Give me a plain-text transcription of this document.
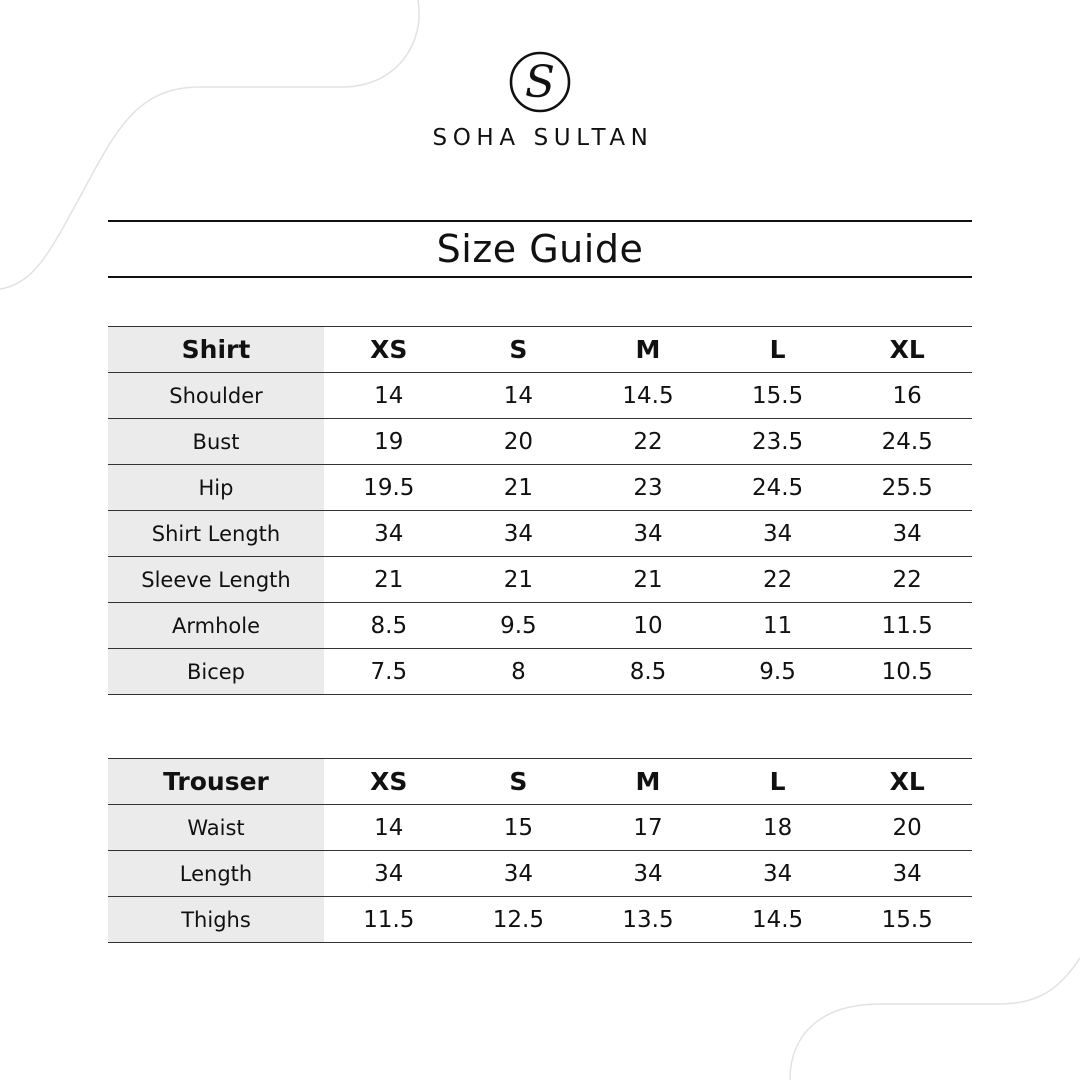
S
SOHA SULTAN
Size Guide
Shirt	XS	S	M	L	XL
Shoulder	14	14	14.5	15.5	16
Bust	19	20	22	23.5	24.5
Hip	19.5	21	23	24.5	25.5
Shirt Length	34	34	34	34	34
Sleeve Length	21	21	21	22	22
Armhole	8.5	9.5	10	11	11.5
Bicep	7.5	8	8.5	9.5	10.5
Trouser	XS	S	M	L	XL
Waist	14	15	17	18	20
Length	34	34	34	34	34
Thighs	11.5	12.5	13.5	14.5	15.5
